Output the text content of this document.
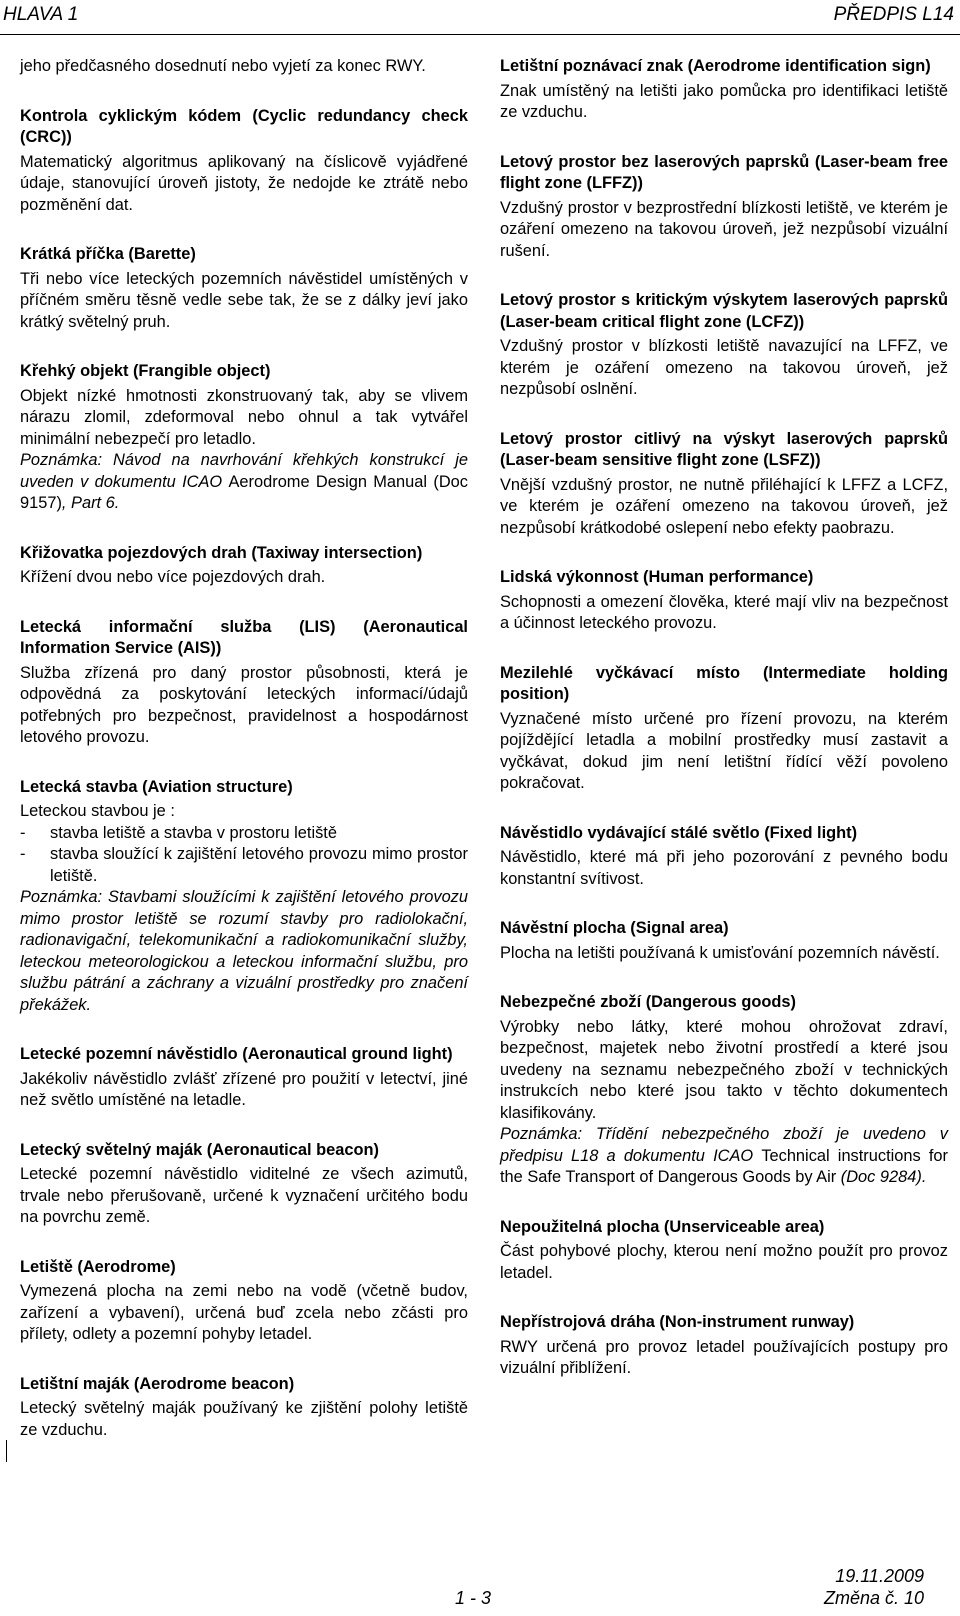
HLAVA 1	PŘEDPIS L14
jeho předčasného dosednutí nebo vyjetí za konec RWY.
Kontrola cyklickým kódem (Cyclic redundancy check (CRC))
Matematický algoritmus aplikovaný na číslicově vyjádřené údaje, stanovující úroveň jistoty, že nedojde ke ztrátě nebo pozměnění dat.
Krátká příčka (Barette)
Tři nebo více leteckých pozemních návěstidel umístěných v příčném směru těsně vedle sebe tak, že se z dálky jeví jako krátký světelný pruh.
Křehký objekt (Frangible object)
Objekt nízké hmotnosti zkonstruovaný tak, aby se vlivem nárazu zlomil, zdeformoval nebo ohnul a tak vytvářel minimální nebezpečí pro letadlo.
Poznámka: Návod na navrhování křehkých konstrukcí je uveden v dokumentu ICAO Aerodrome Design Manual (Doc 9157), Part 6.
Křižovatka pojezdových drah (Taxiway intersection)
Křížení dvou nebo více pojezdových drah.
Letecká informační služba (LIS) (Aeronautical Information Service (AIS))
Služba zřízená pro daný prostor působnosti, která je odpovědná za poskytování leteckých informací/údajů potřebných pro bezpečnost, pravidelnost a hospodárnost letového provozu.
Letecká stavba (Aviation structure)
Leteckou stavbou je :
- stavba letiště a stavba v prostoru letiště
- stavba sloužící k zajištění letového provozu mimo prostor letiště.
Poznámka: Stavbami sloužícími k zajištění letového provozu mimo prostor letiště se rozumí stavby pro radiolokační, radionavigační, telekomunikační a radiokomunikační služby, leteckou meteorologickou a leteckou informační službu, pro službu pátrání a záchrany a vizuální prostředky pro značení překážek.
Letecké pozemní návěstidlo (Aeronautical ground light)
Jakékoliv návěstidlo zvlášť zřízené pro použití v letectví, jiné než světlo umístěné na letadle.
Letecký světelný maják (Aeronautical beacon)
Letecké pozemní návěstidlo viditelné ze všech azimutů, trvale nebo přerušovaně, určené k vyznačení určitého bodu na povrchu země.
Letiště (Aerodrome)
Vymezená plocha na zemi nebo na vodě (včetně budov, zařízení a vybavení), určená buď zcela nebo zčásti pro přílety, odlety a pozemní pohyby letadel.
Letištní maják (Aerodrome beacon)
Letecký světelný maják používaný ke zjištění polohy letiště ze vzduchu.
Letištní poznávací znak (Aerodrome identification sign)
Znak umístěný na letišti jako pomůcka pro identifikaci letiště ze vzduchu.
Letový prostor bez laserových paprsků (Laser-beam free flight zone (LFFZ))
Vzdušný prostor v bezprostřední blízkosti letiště, ve kterém je ozáření omezeno na takovou úroveň, jež nezpůsobí vizuální rušení.
Letový prostor s kritickým výskytem laserových paprsků (Laser-beam critical flight zone (LCFZ))
Vzdušný prostor v blízkosti letiště navazující na LFFZ, ve kterém je ozáření omezeno na takovou úroveň, jež nezpůsobí oslnění.
Letový prostor citlivý na výskyt laserových paprsků (Laser-beam sensitive flight zone (LSFZ))
Vnější vzdušný prostor, ne nutně přiléhající k LFFZ a LCFZ, ve kterém je ozáření omezeno na takovou úroveň, jež nezpůsobí krátkodobé oslepení nebo efekty paobrazu.
Lidská výkonnost (Human performance)
Schopnosti a omezení člověka, které mají vliv na bezpečnost a účinnost leteckého provozu.
Mezilehlé vyčkávací místo (Intermediate holding position)
Vyznačené místo určené pro řízení provozu, na kterém pojíždějící letadla a mobilní prostředky musí zastavit a vyčkávat, dokud jim není letištní řídící věží povoleno pokračovat.
Návěstidlo vydávající stálé světlo (Fixed light)
Návěstidlo, které má při jeho pozorování z pevného bodu konstantní svítivost.
Návěstní plocha (Signal area)
Plocha na letišti používaná k umisťování pozemních návěstí.
Nebezpečné zboží (Dangerous goods)
Výrobky nebo látky, které mohou ohrožovat zdraví, bezpečnost, majetek nebo životní prostředí a které jsou uvedeny na seznamu nebezpečného zboží v technických instrukcích nebo které jsou takto v těchto dokumentech klasifikovány.
Poznámka: Třídění nebezpečného zboží je uvedeno v předpisu L18 a dokumentu ICAO Technical instructions for the Safe Transport of Dangerous Goods by Air (Doc 9284).
Nepoužitelná plocha (Unserviceable area)
Část pohybové plochy, kterou není možno použít pro provoz letadel.
Nepřístrojová dráha (Non-instrument runway)
RWY určená pro provoz letadel používajících postupy pro vizuální přiblížení.
19.11.2009
1 - 3	Změna č. 10
